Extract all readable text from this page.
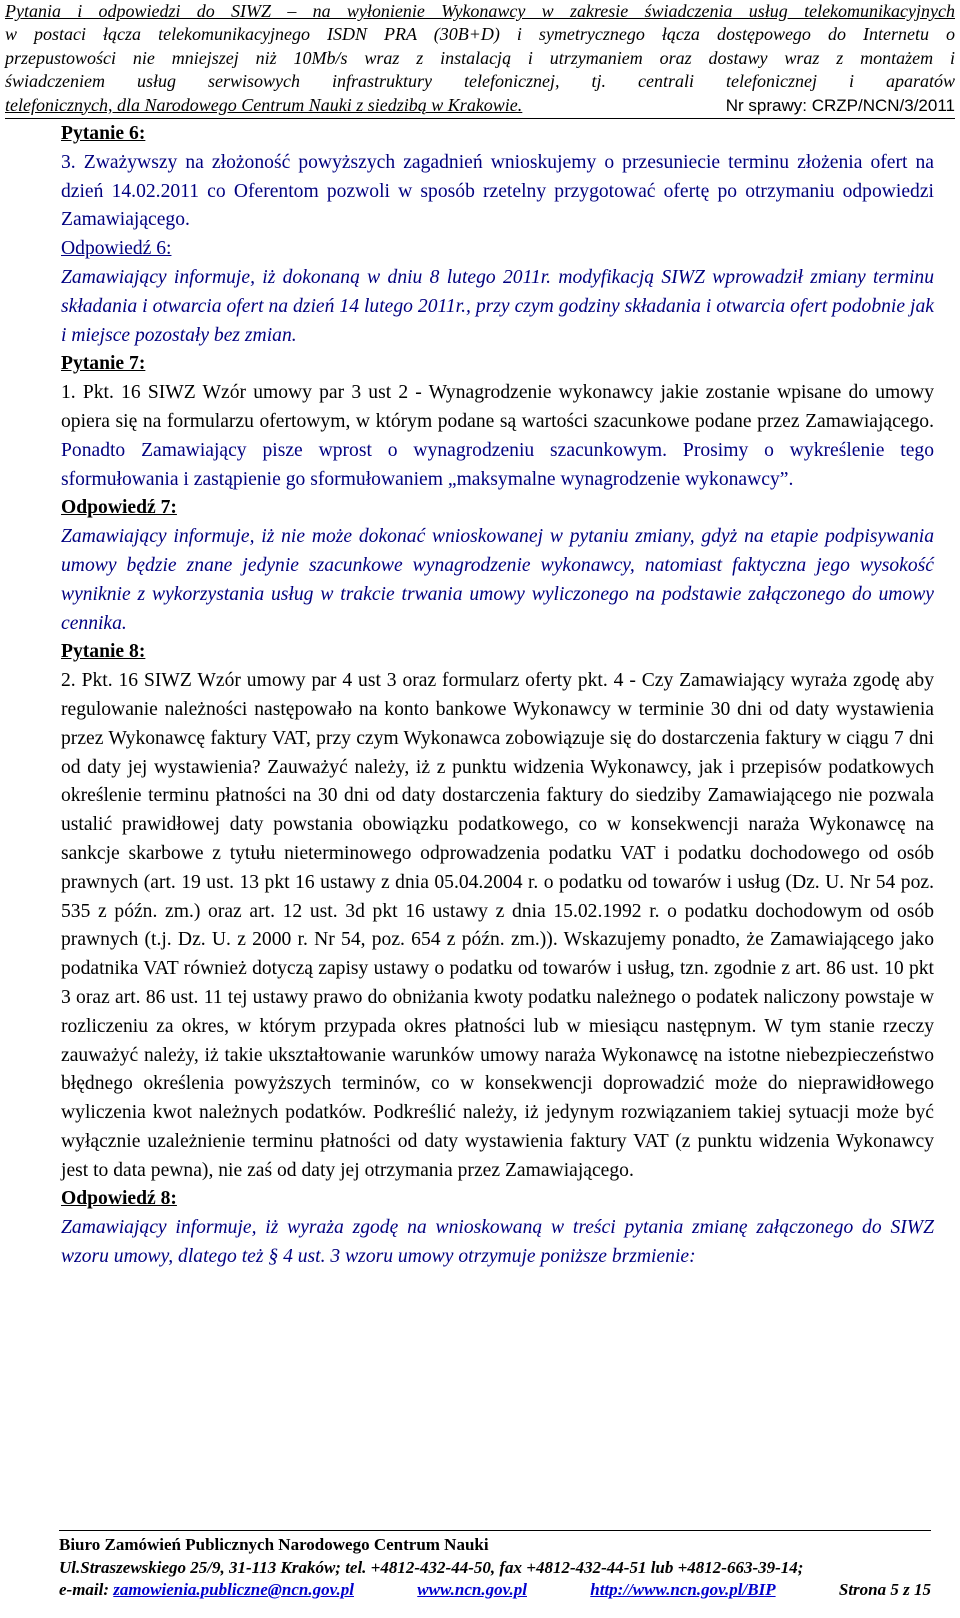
Pytania i odpowiedzi do SIWZ – na wyłonienie Wykonawcy w zakresie świadczenia usług telekomunikacyjnych
w postaci łącza telekomunikacyjnego ISDN PRA (30B+D) i symetrycznego łącza dostępowego do Internetu o
przepustowości nie mniejszej niż 10Mb/s wraz z instalacją i utrzymaniem oraz dostawy wraz z montażem i
świadczeniem usług serwisowych infrastruktury telefonicznej, tj. centrali telefonicznej i aparatów
telefonicznych, dla Narodowego Centrum Nauki z siedzibą w Krakowie.	Nr sprawy: CRZP/NCN/3/2011
Pytanie 6:

3. Zważywszy na złożoność powyższych zagadnień wnioskujemy o przesuniecie terminu złożenia ofert na dzień 14.02.2011 co Oferentom pozwoli w sposób rzetelny przygotować ofertę po otrzymaniu odpowiedzi Zamawiającego.

Odpowiedź 6:

Zamawiający informuje, iż dokonaną w dniu 8 lutego 2011r. modyfikacją SIWZ wprowadził zmiany terminu składania i otwarcia ofert na dzień 14 lutego 2011r., przy czym godziny składania i otwarcia ofert podobnie jak i miejsce pozostały bez zmian.

Pytanie 7:

1. Pkt. 16 SIWZ Wzór umowy par 3 ust 2 - Wynagrodzenie wykonawcy jakie zostanie wpisane do umowy opiera się na formularzu ofertowym, w którym podane są wartości szacunkowe podane przez Zamawiającego. Ponadto Zamawiający pisze wprost o wynagrodzeniu szacunkowym. Prosimy o wykreślenie tego sformułowania i zastąpienie go sformułowaniem „maksymalne wynagrodzenie wykonawcy”.

Odpowiedź 7:

Zamawiający informuje, iż nie może dokonać wnioskowanej w pytaniu zmiany, gdyż na etapie podpisywania umowy będzie znane jedynie szacunkowe wynagrodzenie wykonawcy, natomiast faktyczna jego wysokość wyniknie z wykorzystania usług w trakcie trwania umowy wyliczonego na podstawie załączonego do umowy cennika.

Pytanie 8:

2. Pkt. 16 SIWZ Wzór umowy par 4 ust 3 oraz formularz oferty pkt. 4 - Czy Zamawiający wyraża zgodę aby regulowanie należności następowało na konto bankowe Wykonawcy w terminie 30 dni od daty wystawienia przez Wykonawcę faktury VAT, przy czym Wykonawca zobowiązuje się do dostarczenia faktury w ciągu 7 dni od daty jej wystawienia? Zauważyć należy, iż z punktu widzenia Wykonawcy, jak i przepisów podatkowych określenie terminu płatności na 30 dni od daty dostarczenia faktury do siedziby Zamawiającego nie pozwala ustalić prawidłowej daty powstania obowiązku podatkowego, co w konsekwencji naraża Wykonawcę na sankcje skarbowe z tytułu nieterminowego odprowadzenia podatku VAT i podatku dochodowego od osób prawnych (art. 19 ust. 13 pkt 16 ustawy z dnia 05.04.2004 r. o podatku od towarów i usług (Dz. U. Nr 54 poz. 535 z późn. zm.) oraz art. 12 ust. 3d pkt 16 ustawy z dnia 15.02.1992 r. o podatku dochodowym od osób prawnych (t.j. Dz. U. z 2000 r. Nr 54, poz. 654 z późn. zm.)). Wskazujemy ponadto, że Zamawiającego jako podatnika VAT również dotyczą zapisy ustawy o podatku od towarów i usług, tzn. zgodnie z art. 86 ust. 10 pkt 3 oraz art. 86 ust. 11 tej ustawy prawo do obniżania kwoty podatku należnego o podatek naliczony powstaje w rozliczeniu za okres, w którym przypada okres płatności lub w miesiącu następnym. W tym stanie rzeczy zauważyć należy, iż takie ukształtowanie warunków umowy naraża Wykonawcę na istotne niebezpieczeństwo błędnego określenia powyższych terminów, co w konsekwencji doprowadzić może do nieprawidłowego wyliczenia kwot należnych podatków. Podkreślić należy, iż jedynym rozwiązaniem takiej sytuacji może być wyłącznie uzależnienie terminu płatności od daty wystawienia faktury VAT (z punktu widzenia Wykonawcy jest to data pewna), nie zaś od daty jej otrzymania przez Zamawiającego.

Odpowiedź 8:

Zamawiający informuje, iż wyraża zgodę na wnioskowaną w treści pytania zmianę załączonego do SIWZ wzoru umowy, dlatego też § 4 ust. 3 wzoru umowy otrzymuje poniższe brzmienie:

Biuro Zamówień Publicznych Narodowego Centrum Nauki
Ul.Straszewskiego 25/9, 31-113 Kraków; tel. +4812-432-44-50, fax +4812-432-44-51 lub +4812-663-39-14;
e-mail: zamowienia.publiczne@ncn.gov.pl	www.ncn.gov.pl	http://www.ncn.gov.pl/BIP	Strona 5 z 15
